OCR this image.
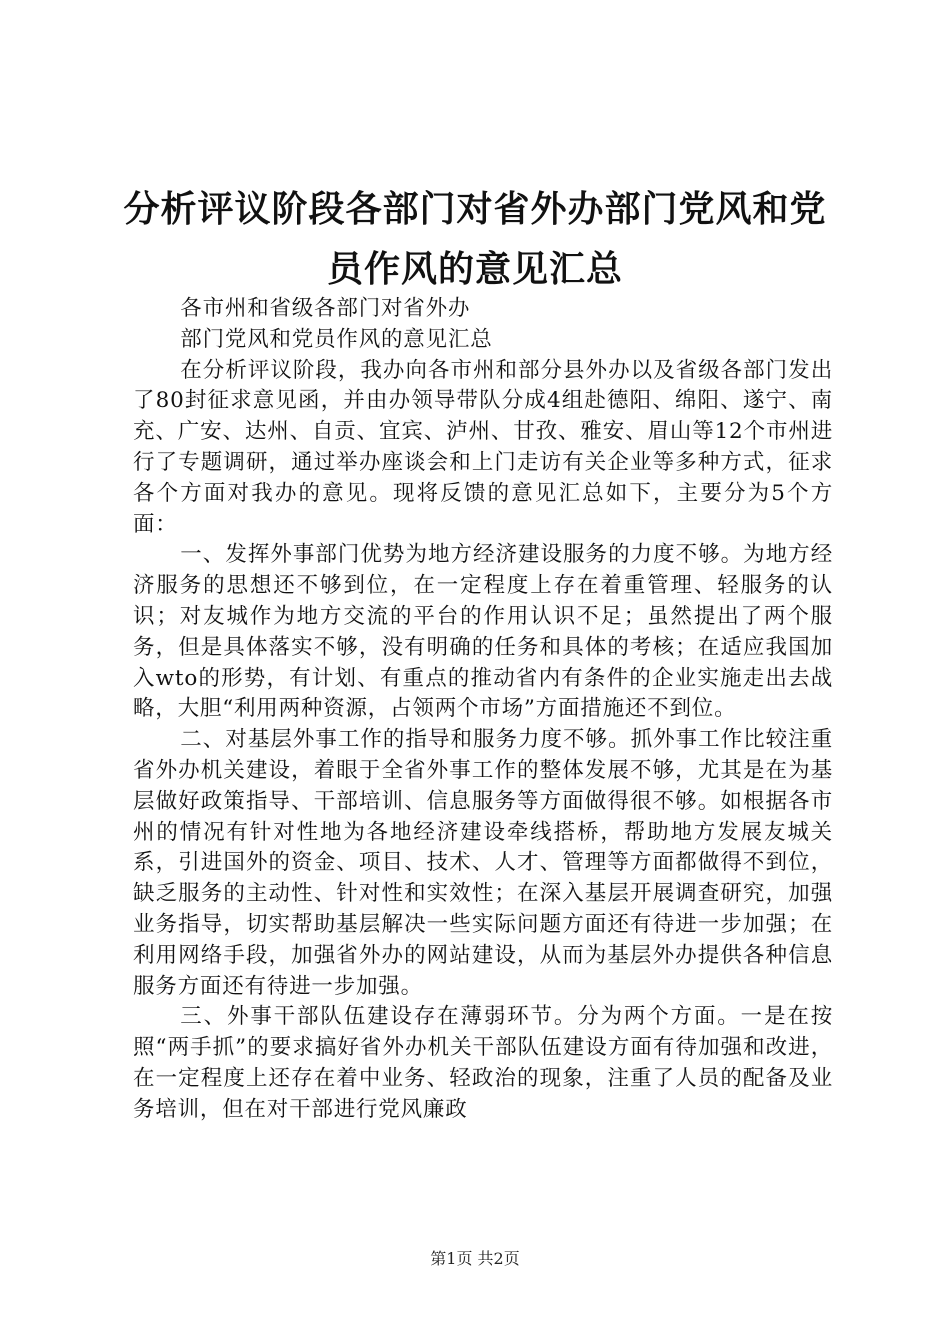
分析评议阶段各部门对省外办部门党风和党员作风的意见汇总

各市州和省级各部门对省外办

部门党风和党员作风的意见汇总

在分析评议阶段，我办向各市州和部分县外办以及省级各部门发出了80封征求意见函，并由办领导带队分成4组赴德阳、绵阳、遂宁、南充、广安、达州、自贡、宜宾、泸州、甘孜、雅安、眉山等12个市州进行了专题调研，通过举办座谈会和上门走访有关企业等多种方式，征求各个方面对我办的意见。现将反馈的意见汇总如下，主要分为5个方面：

一、发挥外事部门优势为地方经济建设服务的力度不够。为地方经济服务的思想还不够到位，在一定程度上存在着重管理、轻服务的认识；对友城作为地方交流的平台的作用认识不足；虽然提出了两个服务，但是具体落实不够，没有明确的任务和具体的考核；在适应我国加入wto的形势，有计划、有重点的推动省内有条件的企业实施走出去战略，大胆“利用两种资源，占领两个市场”方面措施还不到位。

二、对基层外事工作的指导和服务力度不够。抓外事工作比较注重省外办机关建设，着眼于全省外事工作的整体发展不够，尤其是在为基层做好政策指导、干部培训、信息服务等方面做得很不够。如根据各市州的情况有针对性地为各地经济建设牵线搭桥，帮助地方发展友城关系，引进国外的资金、项目、技术、人才、管理等方面都做得不到位，缺乏服务的主动性、针对性和实效性；在深入基层开展调查研究，加强业务指导，切实帮助基层解决一些实际问题方面还有待进一步加强；在利用网络手段，加强省外办的网站建设，从而为基层外办提供各种信息服务方面还有待进一步加强。

三、外事干部队伍建设存在薄弱环节。分为两个方面。一是在按照“两手抓”的要求搞好省外办机关干部队伍建设方面有待加强和改进，在一定程度上还存在着中业务、轻政治的现象，注重了人员的配备及业务培训，但在对干部进行党风廉政

第1页 共2页
